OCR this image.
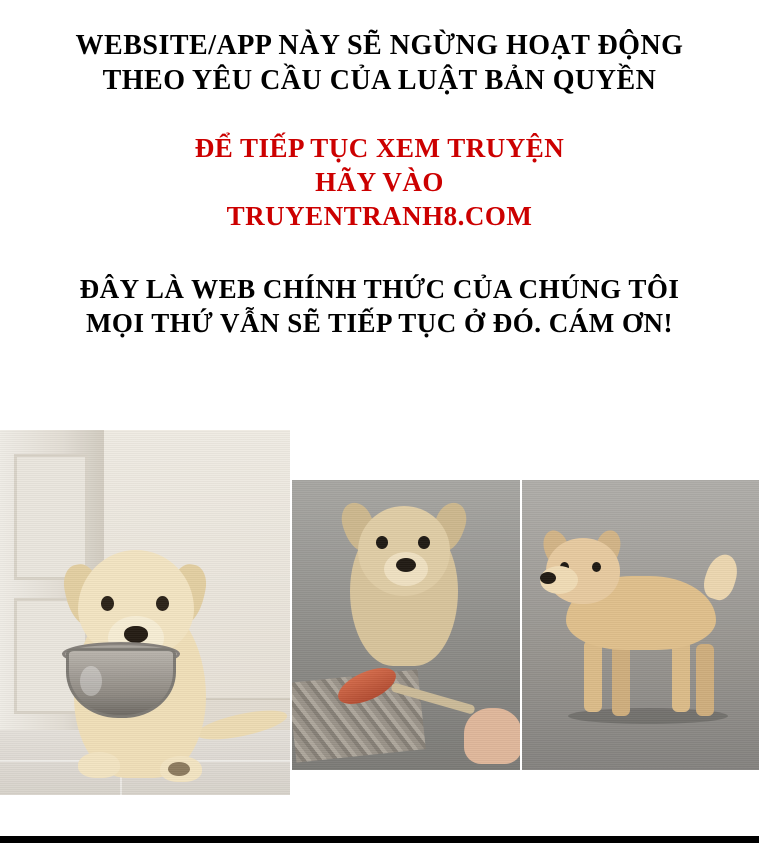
WEBSITE/APP NÀY SẼ NGỪNG HOẠT ĐỘNG
THEO YÊU CẦU CỦA LUẬT BẢN QUYỀN
ĐỂ TIẾP TỤC XEM TRUYỆN
HÃY VÀO
TRUYENTRANH8.COM
ĐÂY LÀ WEB CHÍNH THỨC CỦA CHÚNG TÔI
MỌI THỨ VẪN SẼ TIẾP TỤC Ở ĐÓ. CÁM ƠN!
